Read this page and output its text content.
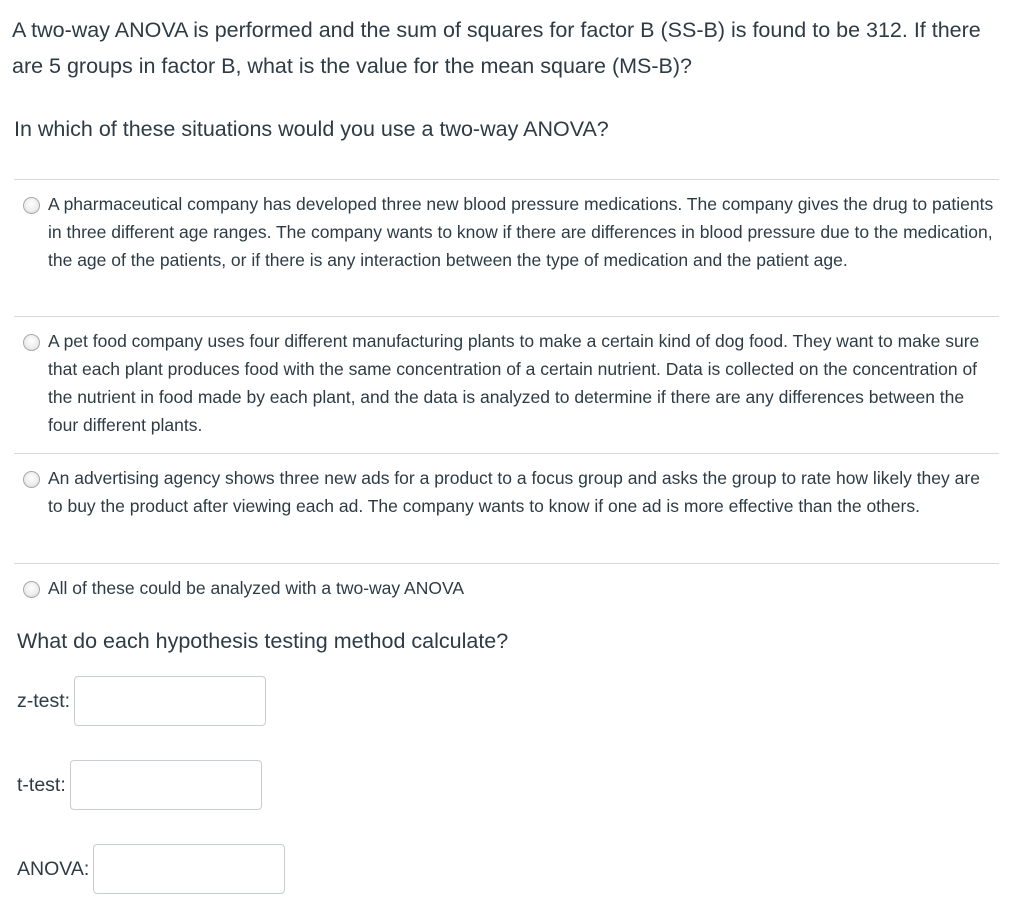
A two-way ANOVA is performed and the sum of squares for factor B (SS-B) is found to be 312. If there are 5 groups in factor B, what is the value for the mean square (MS-B)?
In which of these situations would you use a two-way ANOVA?
A pharmaceutical company has developed three new blood pressure medications. The company gives the drug to patients in three different age ranges. The company wants to know if there are differences in blood pressure due to the medication, the age of the patients, or if there is any interaction between the type of medication and the patient age.
A pet food company uses four different manufacturing plants to make a certain kind of dog food. They want to make sure that each plant produces food with the same concentration of a certain nutrient. Data is collected on the concentration of the nutrient in food made by each plant, and the data is analyzed to determine if there are any differences between the four different plants.
An advertising agency shows three new ads for a product to a focus group and asks the group to rate how likely they are to buy the product after viewing each ad. The company wants to know if one ad is more effective than the others.
All of these could be analyzed with a two-way ANOVA
What do each hypothesis testing method calculate?
z-test:
t-test:
ANOVA:
